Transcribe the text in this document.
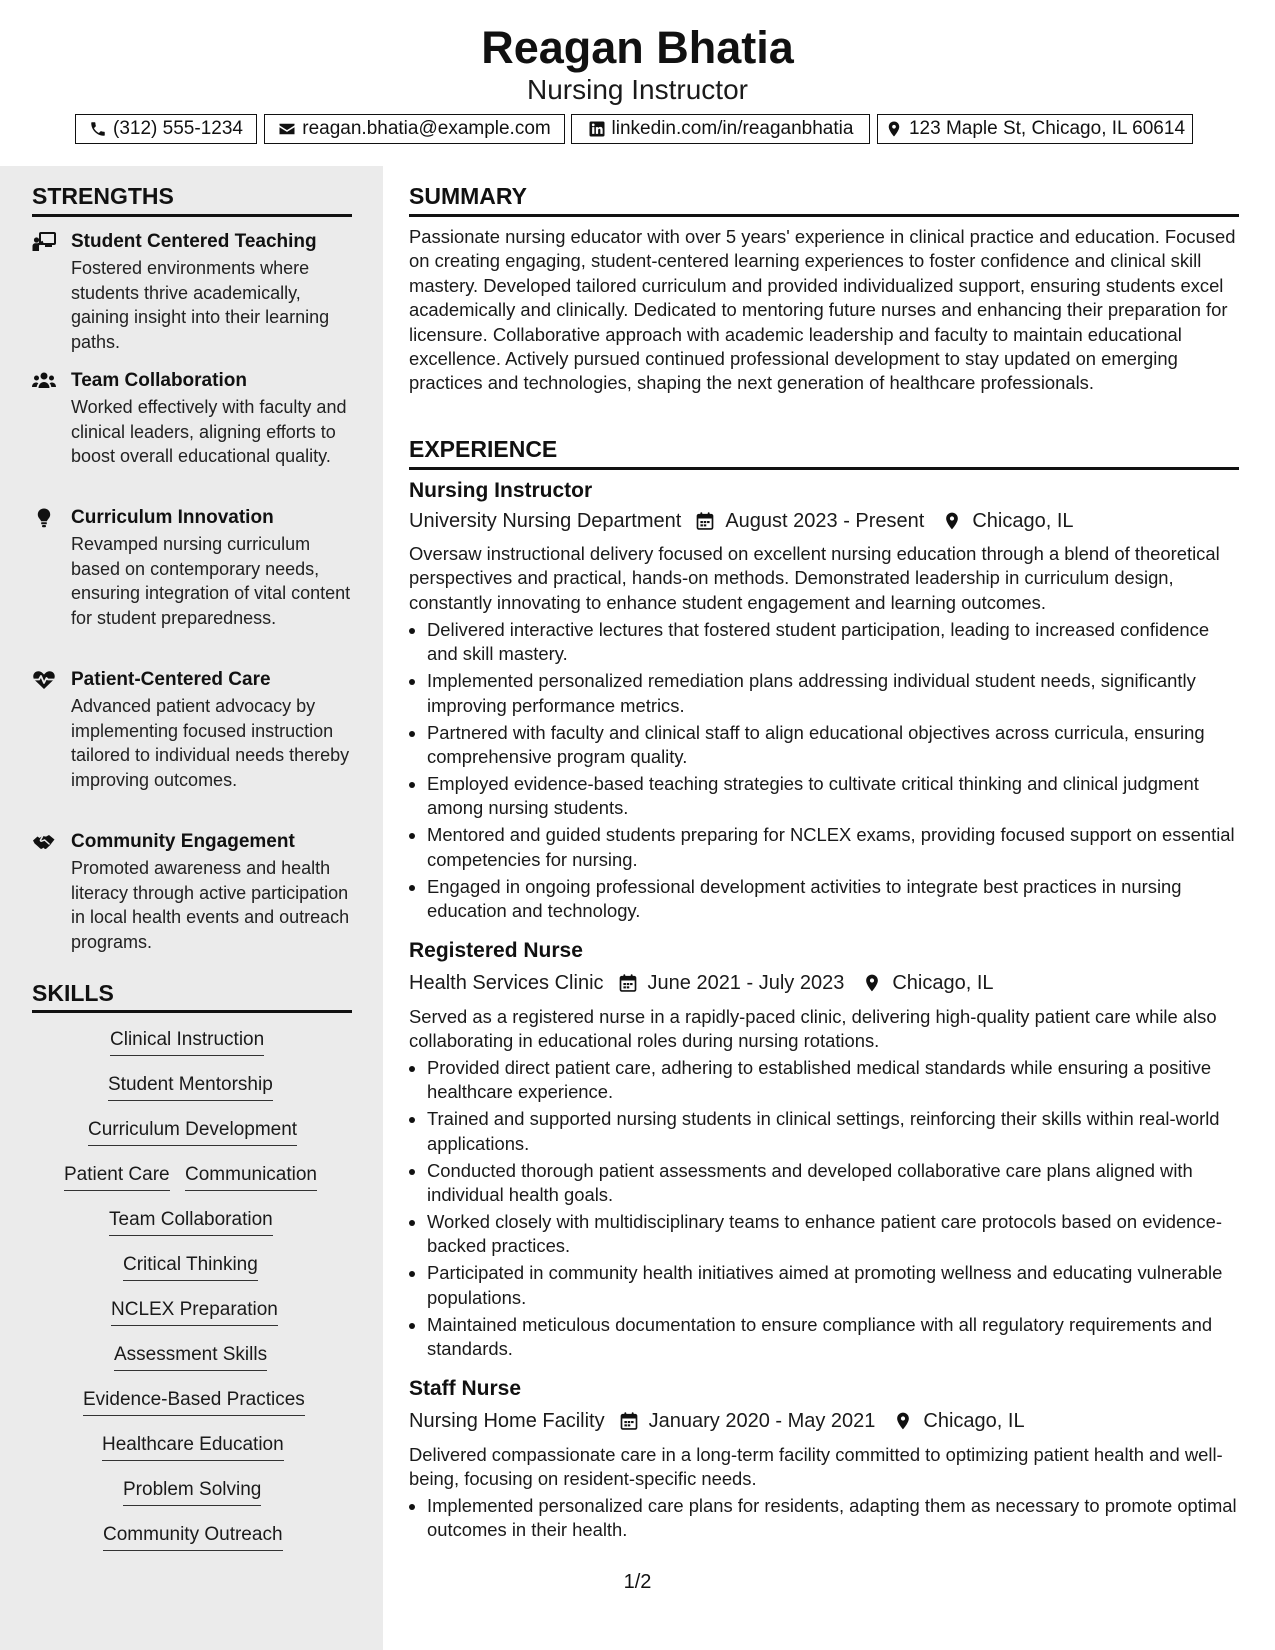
Reagan Bhatia
Nursing Instructor
(312) 555-1234	reagan.bhatia@example.com	linkedin.com/in/reaganbhatia	123 Maple St, Chicago, IL 60614
STRENGTHS
Student Centered Teaching
Fostered environments where students thrive academically, gaining insight into their learning paths.
Team Collaboration
Worked effectively with faculty and clinical leaders, aligning efforts to boost overall educational quality.
Curriculum Innovation
Revamped nursing curriculum based on contemporary needs, ensuring integration of vital content for student preparedness.
Patient-Centered Care
Advanced patient advocacy by implementing focused instruction tailored to individual needs thereby improving outcomes.
Community Engagement
Promoted awareness and health literacy through active participation in local health events and outreach programs.
SKILLS
Clinical Instruction
Student Mentorship
Curriculum Development
Patient Care Communication
Team Collaboration
Critical Thinking
NCLEX Preparation
Assessment Skills
Evidence-Based Practices
Healthcare Education
Problem Solving
Community Outreach
SUMMARY
Passionate nursing educator with over 5 years' experience in clinical practice and education. Focused on creating engaging, student-centered learning experiences to foster confidence and clinical skill mastery. Developed tailored curriculum and provided individualized support, ensuring students excel academically and clinically. Dedicated to mentoring future nurses and enhancing their preparation for licensure. Collaborative approach with academic leadership and faculty to maintain educational excellence. Actively pursued continued professional development to stay updated on emerging practices and technologies, shaping the next generation of healthcare professionals.
EXPERIENCE
Nursing Instructor
University Nursing Department August 2023 - Present Chicago, IL
Oversaw instructional delivery focused on excellent nursing education through a blend of theoretical perspectives and practical, hands-on methods. Demonstrated leadership in curriculum design, constantly innovating to enhance student engagement and learning outcomes.
Delivered interactive lectures that fostered student participation, leading to increased confidence and skill mastery.
Implemented personalized remediation plans addressing individual student needs, significantly improving performance metrics.
Partnered with faculty and clinical staff to align educational objectives across curricula, ensuring comprehensive program quality.
Employed evidence-based teaching strategies to cultivate critical thinking and clinical judgment among nursing students.
Mentored and guided students preparing for NCLEX exams, providing focused support on essential competencies for nursing.
Engaged in ongoing professional development activities to integrate best practices in nursing education and technology.
Registered Nurse
Health Services Clinic June 2021 - July 2023 Chicago, IL
Served as a registered nurse in a rapidly-paced clinic, delivering high-quality patient care while also collaborating in educational roles during nursing rotations.
Provided direct patient care, adhering to established medical standards while ensuring a positive healthcare experience.
Trained and supported nursing students in clinical settings, reinforcing their skills within real-world applications.
Conducted thorough patient assessments and developed collaborative care plans aligned with individual health goals.
Worked closely with multidisciplinary teams to enhance patient care protocols based on evidence-backed practices.
Participated in community health initiatives aimed at promoting wellness and educating vulnerable populations.
Maintained meticulous documentation to ensure compliance with all regulatory requirements and standards.
Staff Nurse
Nursing Home Facility January 2020 - May 2021 Chicago, IL
Delivered compassionate care in a long-term facility committed to optimizing patient health and well-being, focusing on resident-specific needs.
Implemented personalized care plans for residents, adapting them as necessary to promote optimal outcomes in their health.
1/2
